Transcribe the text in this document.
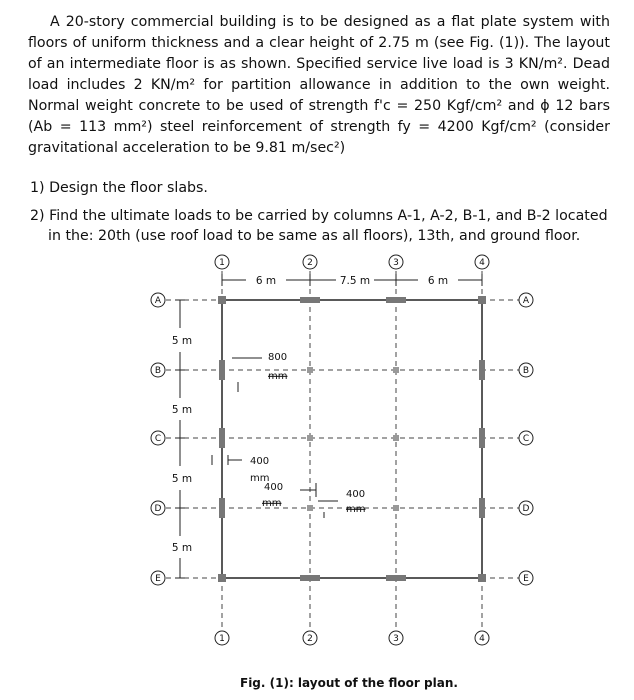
A 20-story commercial building is to be designed as a flat plate system with floors of uniform thickness and a clear height of 2.75 m (see Fig. (1)). The layout of an intermediate floor is as shown. Specified service live load is 3 KN/m². Dead load includes 2 KN/m² for partition allowance in addition to the own weight. Normal weight concrete to be used of strength f'c = 250 Kgf/cm² and ϕ 12 bars (Ab = 113 mm²) steel reinforcement of strength fy = 4200 Kgf/cm² (consider gravitational acceleration to be 9.81 m/sec²)

1) Design the floor slabs.
2) Find the ultimate loads to be carried by columns A-1, A-2, B-1, and B-2 located
in the: 20th (use roof load to be same as all floors), 13th, and ground floor.
1	2	3	4
1	2	3	4
A
B
C
D
E
A
B
C
D
E
6 m	7.5 m	6 m
5 m
5 m
5 m
5 m
800
mm
400
mm
400
mm
400
mm
Fig. (1): layout of the floor plan.
